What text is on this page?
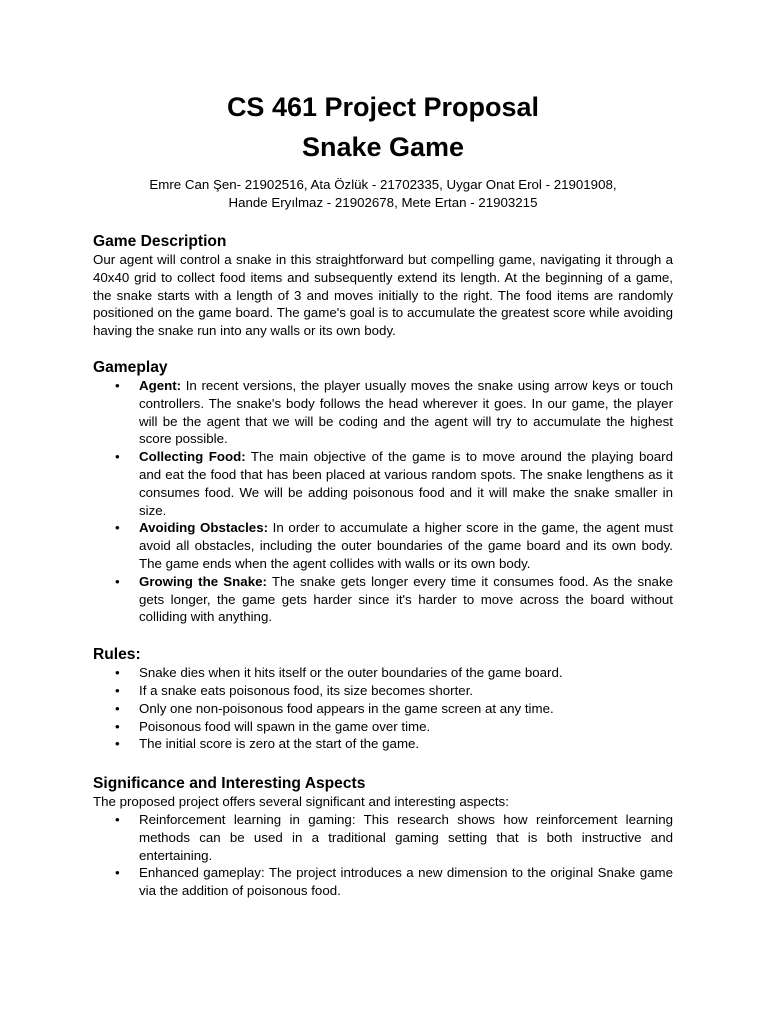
CS 461 Project Proposal
Snake Game
Emre Can Şen- 21902516, Ata Özlük - 21702335, Uygar Onat Erol - 21901908,
Hande Eryılmaz - 21902678, Mete Ertan - 21903215
Game Description

Our agent will control a snake in this straightforward but compelling game, navigating it through a 40x40 grid to collect food items and subsequently extend its length. At the beginning of a game, the snake starts with a length of 3 and moves initially to the right. The food items are randomly positioned on the game board. The game's goal is to accumulate the greatest score while avoiding having the snake run into any walls or its own body.

Gameplay
• Agent: In recent versions, the player usually moves the snake using arrow keys or touch controllers. The snake's body follows the head wherever it goes. In our game, the player will be the agent that we will be coding and the agent will try to accumulate the highest score possible.
• Collecting Food: The main objective of the game is to move around the playing board and eat the food that has been placed at various random spots. The snake lengthens as it consumes food. We will be adding poisonous food and it will make the snake smaller in size.
• Avoiding Obstacles: In order to accumulate a higher score in the game, the agent must avoid all obstacles, including the outer boundaries of the game board and its own body. The game ends when the agent collides with walls or its own body.
• Growing the Snake: The snake gets longer every time it consumes food. As the snake gets longer, the game gets harder since it's harder to move across the board without colliding with anything.
Rules:
• Snake dies when it hits itself or the outer boundaries of the game board.
• If a snake eats poisonous food, its size becomes shorter.
• Only one non-poisonous food appears in the game screen at any time.
• Poisonous food will spawn in the game over time.
• The initial score is zero at the start of the game.
Significance and Interesting Aspects

The proposed project offers several significant and interesting aspects:

• Reinforcement learning in gaming: This research shows how reinforcement learning methods can be used in a traditional gaming setting that is both instructive and entertaining.
• Enhanced gameplay: The project introduces a new dimension to the original Snake game via the addition of poisonous food.
